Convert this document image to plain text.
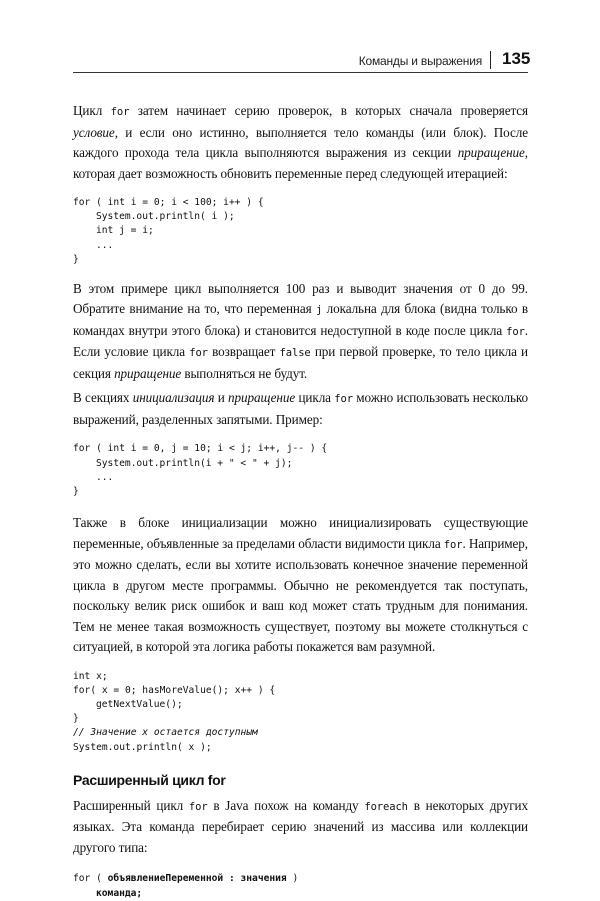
Команды и выражения 135

Цикл for затем начинает серию проверок, в которых сначала проверяется условие, и если оно истинно, выполняется тело команды (или блок). После каждого прохода тела цикла выполняются выражения из секции приращение, которая дает возможность обновить переменные перед следующей итерацией:

for ( int i = 0; i < 100; i++ ) {
System.out.println( i );
int j = i;
...
}

В этом примере цикл выполняется 100 раз и выводит значения от 0 до 99. Обратите внимание на то, что переменная j локальна для блока (видна только в командах внутри этого блока) и становится недоступной в коде после цикла for. Если условие цикла for возвращает false при первой проверке, то тело цикла и секция приращение выполняться не будут.

В секциях инициализация и приращение цикла for можно использовать несколько выражений, разделенных запятыми. Пример:

for ( int i = 0, j = 10; i < j; i++, j-- ) {
System.out.println(i + " < " + j);
...
}

Также в блоке инициализации можно инициализировать существующие переменные, объявленные за пределами области видимости цикла for. Например, это можно сделать, если вы хотите использовать конечное значение переменной цикла в другом месте программы. Обычно не рекомендуется так поступать, поскольку велик риск ошибок и ваш код может стать трудным для понимания. Тем не менее такая возможность существует, поэтому вы можете столкнуться с ситуацией, в которой эта логика работы покажется вам разумной.

int x;
for( x = 0; hasMoreValue(); x++ ) {
getNextValue();
}
// Значение x остается доступным
System.out.println( x );
Расширенный цикл for

Расширенный цикл for в Java похож на команду foreach в некоторых других языках. Эта команда перебирает серию значений из массива или коллекции другого типа:

for ( объявлениеПеременной : значения )
команда;
